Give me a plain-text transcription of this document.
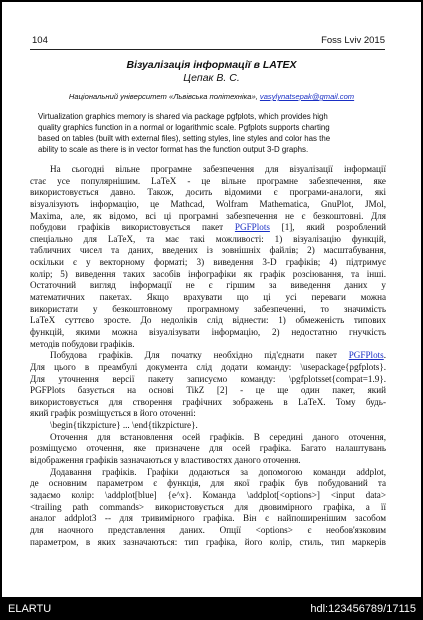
104	Foss Lviv 2015
Візуалізація інформації в LATEX
Цепак В. С.
Національний університет «Львівська політехніка», vasylynatsepak@gmail.com
Virtualization graphics memory is shared via package pgfplots, which provides high
quality graphics function in a normal or logarithmic scale. Pgfplots supports charting
based on tables (built with external files), setting styles, line styles and color has the
ability to scale as there is in vector format has the function output 3-D graphs.
На сьогодні вільне програмне забезпечення для візуалізації інформації
стає усе популярнішим. LaTeX - це вільне програмне забезпечення, яке
використовується давно. Також, досить відомими є програми-аналоги, які
візуалізують інформацію, це Mathcad, Wolfram Mathematica, GnuPlot, JMol,
Maxima, але, як відомо, всі ці програмні забезпечення не є безкоштовні. Для
побудови графіків використовується пакет PGFPlots [1], який розроблений
спеціально для LaTeX, та має такі можливості: 1) візуалізацію функцій,
табличних чисел та даних, введених із зовнішніх файлів; 2) масштабування,
оскільки є у векторному форматі; 3) виведення 3-D графіків; 4) підтримує
колір; 5) виведення таких засобів інфографіки як графік розсіювання, та інші.
Остаточний вигляд інформації не є гіршим за виведення даних у
математичних пакетах. Якщо врахувати що ці усі переваги можна
використати у безкоштовному програмному забезпеченні, то значимість
LaTeX суттєво зросте. До недоліків слід віднести: 1) обмеженість типових
функцій, якими можна візуалізувати інформацію, 2) недостатню гнучкість
методів побудови графіків.
Побудова графіків. Для початку необхідно під'єднати пакет PGFPlots.
Для цього в преамбулі документа слід додати команду: \usepackage{pgfplots}.
Для уточнення версії пакету записуємо команду: \pgfplotsset{compat=1.9}.
PGFPlots базується на основі TikZ [2] - це ще один пакет, який
використовується для створення графічних зображень в LaTeX. Тому будь-
який графік розміщується в його оточенні:
\begin{tikzpicture} ... \end{tikzpicture}.
Оточення для встановлення осей графіків. В середині даного оточення,
розміщуємо оточення, яке призначене для осей графіка. Багато налаштувань
відображення графіків зазначаються у властивостях даного оточення.
Додавання графіків. Графіки додаються за допомогою команди addplot,
де основним параметром є функція, для якої графік був побудований та
задаємо колір: \addplot[blue] {e^x}. Команда \addplot[<options>] <input data>
<trailing path commands> використовується для двовимірного графіка, а її
аналог addplot3 -- для тривимірного графіка. Він є найпоширенішим засобом
для наочного представлення даних. Опції <options> є необов'язковим
параметром, в яких зазначаються: тип графіка, його колір, стиль, тип маркерів
ELARTU	hdl:123456789/17115
